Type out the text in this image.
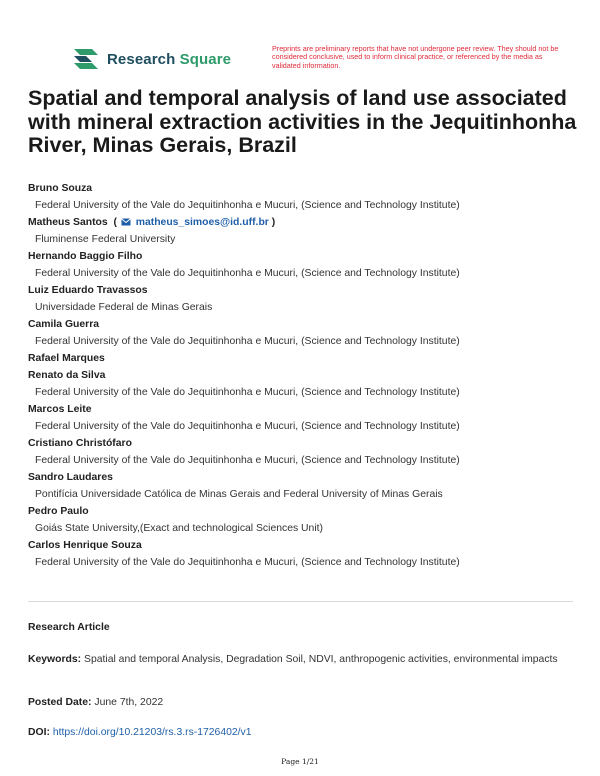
Research Square
Preprints are preliminary reports that have not undergone peer review. They should not be considered conclusive, used to inform clinical practice, or referenced by the media as validated information.
Spatial and temporal analysis of land use associated with mineral extraction activities in the Jequitinhonha River, Minas Gerais, Brazil
Bruno Souza
Federal University of the Vale do Jequitinhonha e Mucuri, (Science and Technology Institute)
Matheus Santos  ( matheus_simoes@id.uff.br )
Fluminense Federal University
Hernando Baggio Filho
Federal University of the Vale do Jequitinhonha e Mucuri, (Science and Technology Institute)
Luiz Eduardo Travassos
Universidade Federal de Minas Gerais
Camila Guerra
Federal University of the Vale do Jequitinhonha e Mucuri, (Science and Technology Institute)
Rafael Marques
Renato da Silva
Federal University of the Vale do Jequitinhonha e Mucuri, (Science and Technology Institute)
Marcos Leite
Federal University of the Vale do Jequitinhonha e Mucuri, (Science and Technology Institute)
Cristiano Christófaro
Federal University of the Vale do Jequitinhonha e Mucuri, (Science and Technology Institute)
Sandro Laudares
Pontifícia Universidade Católica de Minas Gerais and Federal University of Minas Gerais
Pedro Paulo
Goiás State University,(Exact and technological Sciences Unit)
Carlos Henrique Souza
Federal University of the Vale do Jequitinhonha e Mucuri, (Science and Technology Institute)
Research Article
Keywords: Spatial and temporal Analysis, Degradation Soil, NDVI, anthropogenic activities, environmental impacts
Posted Date: June 7th, 2022
DOI: https://doi.org/10.21203/rs.3.rs-1726402/v1
Page 1/21
